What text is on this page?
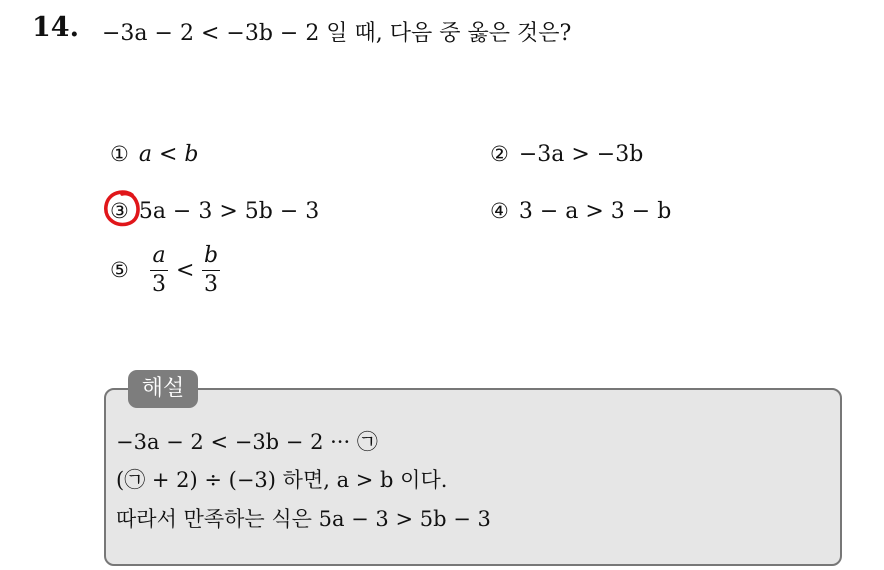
14. −3a − 2 < −3b − 2 일 때, 다음 중 옳은 것은?
① a < b	② −3a > −3b
③ 5a − 3 > 5b − 3	④ 3 − a > 3 − b
⑤
a
3
<
b
3
해설
−3a − 2 < −3b − 2 ··· ㉠
(㉠ + 2) ÷ (−3) 하면, a > b 이다.
따라서 만족하는 식은 5a − 3 > 5b − 3
